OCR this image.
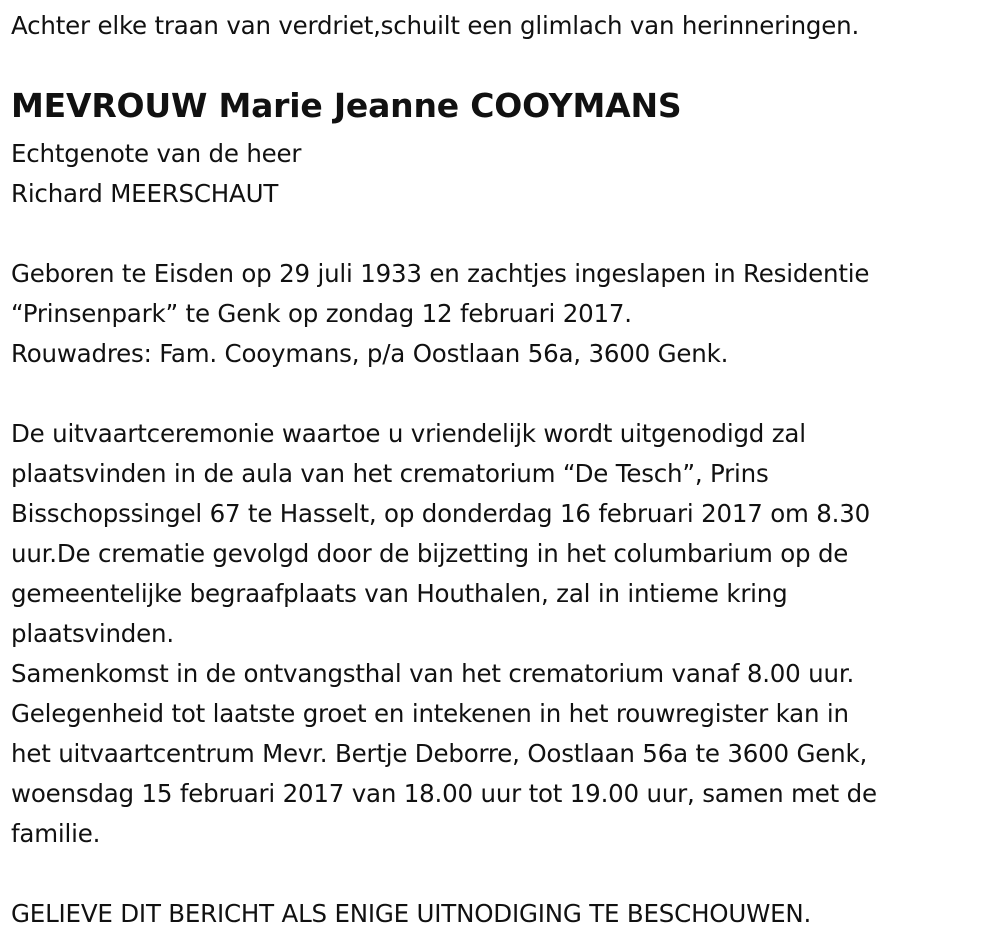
Achter elke traan van verdriet,schuilt een glimlach van herinneringen.
MEVROUW Marie Jeanne COOYMANS
Echtgenote van de heer
Richard MEERSCHAUT
Geboren te Eisden op 29 juli 1933 en zachtjes ingeslapen in Residentie
“Prinsenpark” te Genk op zondag 12 februari 2017.
Rouwadres: Fam. Cooymans, p/a Oostlaan 56a, 3600 Genk.
De uitvaartceremonie waartoe u vriendelijk wordt uitgenodigd zal
plaatsvinden in de aula van het crematorium “De Tesch”, Prins
Bisschopssingel 67 te Hasselt, op donderdag 16 februari 2017 om 8.30
uur.De crematie gevolgd door de bijzetting in het columbarium op de
gemeentelijke begraafplaats van Houthalen, zal in intieme kring
plaatsvinden.
Samenkomst in de ontvangsthal van het crematorium vanaf 8.00 uur.
Gelegenheid tot laatste groet en intekenen in het rouwregister kan in
het uitvaartcentrum Mevr. Bertje Deborre, Oostlaan 56a te 3600 Genk,
woensdag 15 februari 2017 van 18.00 uur tot 19.00 uur, samen met de
familie.
GELIEVE DIT BERICHT ALS ENIGE UITNODIGING TE BESCHOUWEN.
